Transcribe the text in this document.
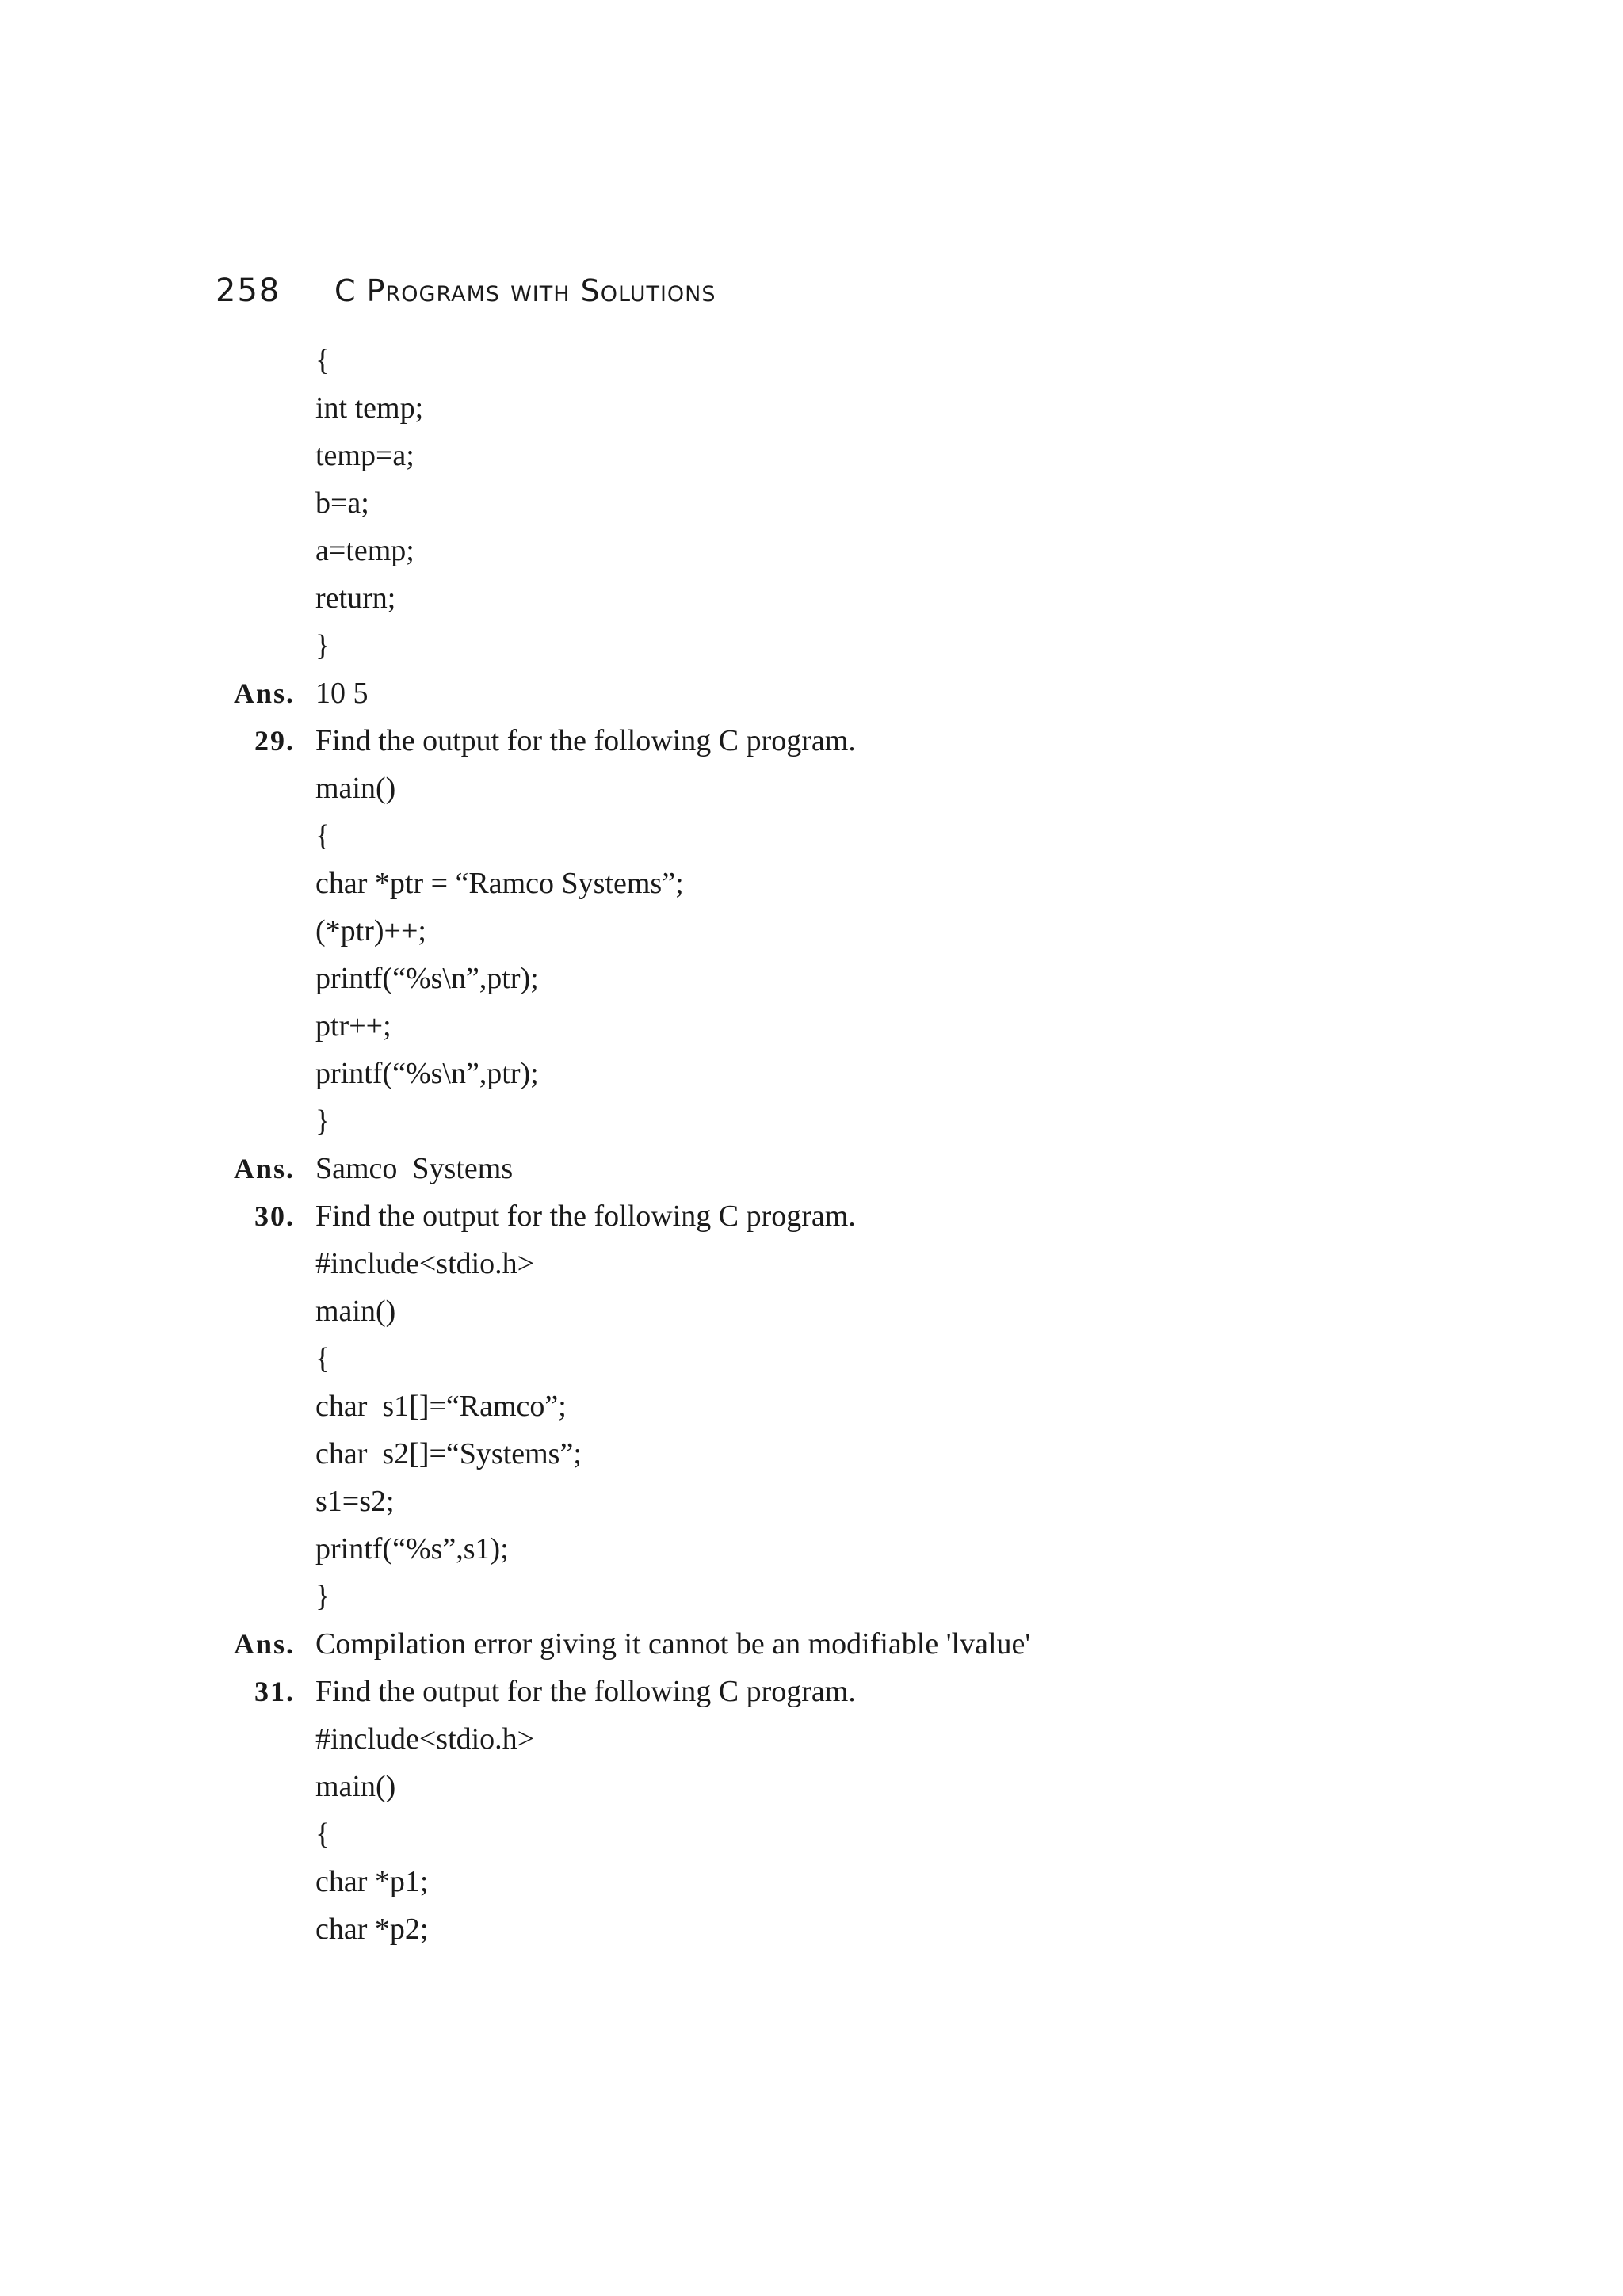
258	C Programs with Solutions
{
int temp;
temp=a;
b=a;
a=temp;
return;
}
Ans. 10 5
29. Find the output for the following C program.
main()
{
char *ptr = “Ramco Systems”;
(*ptr)++;
printf(“%s\n”,ptr);
ptr++;
printf(“%s\n”,ptr);
}
Ans. Samco  Systems
30. Find the output for the following C program.
#include<stdio.h>
main()
{
char  s1[]=“Ramco”;
char  s2[]=“Systems”;
s1=s2;
printf(“%s”,s1);
}
Ans. Compilation error giving it cannot be an modifiable 'lvalue'
31. Find the output for the following C program.
#include<stdio.h>
main()
{
char *p1;
char *p2;
